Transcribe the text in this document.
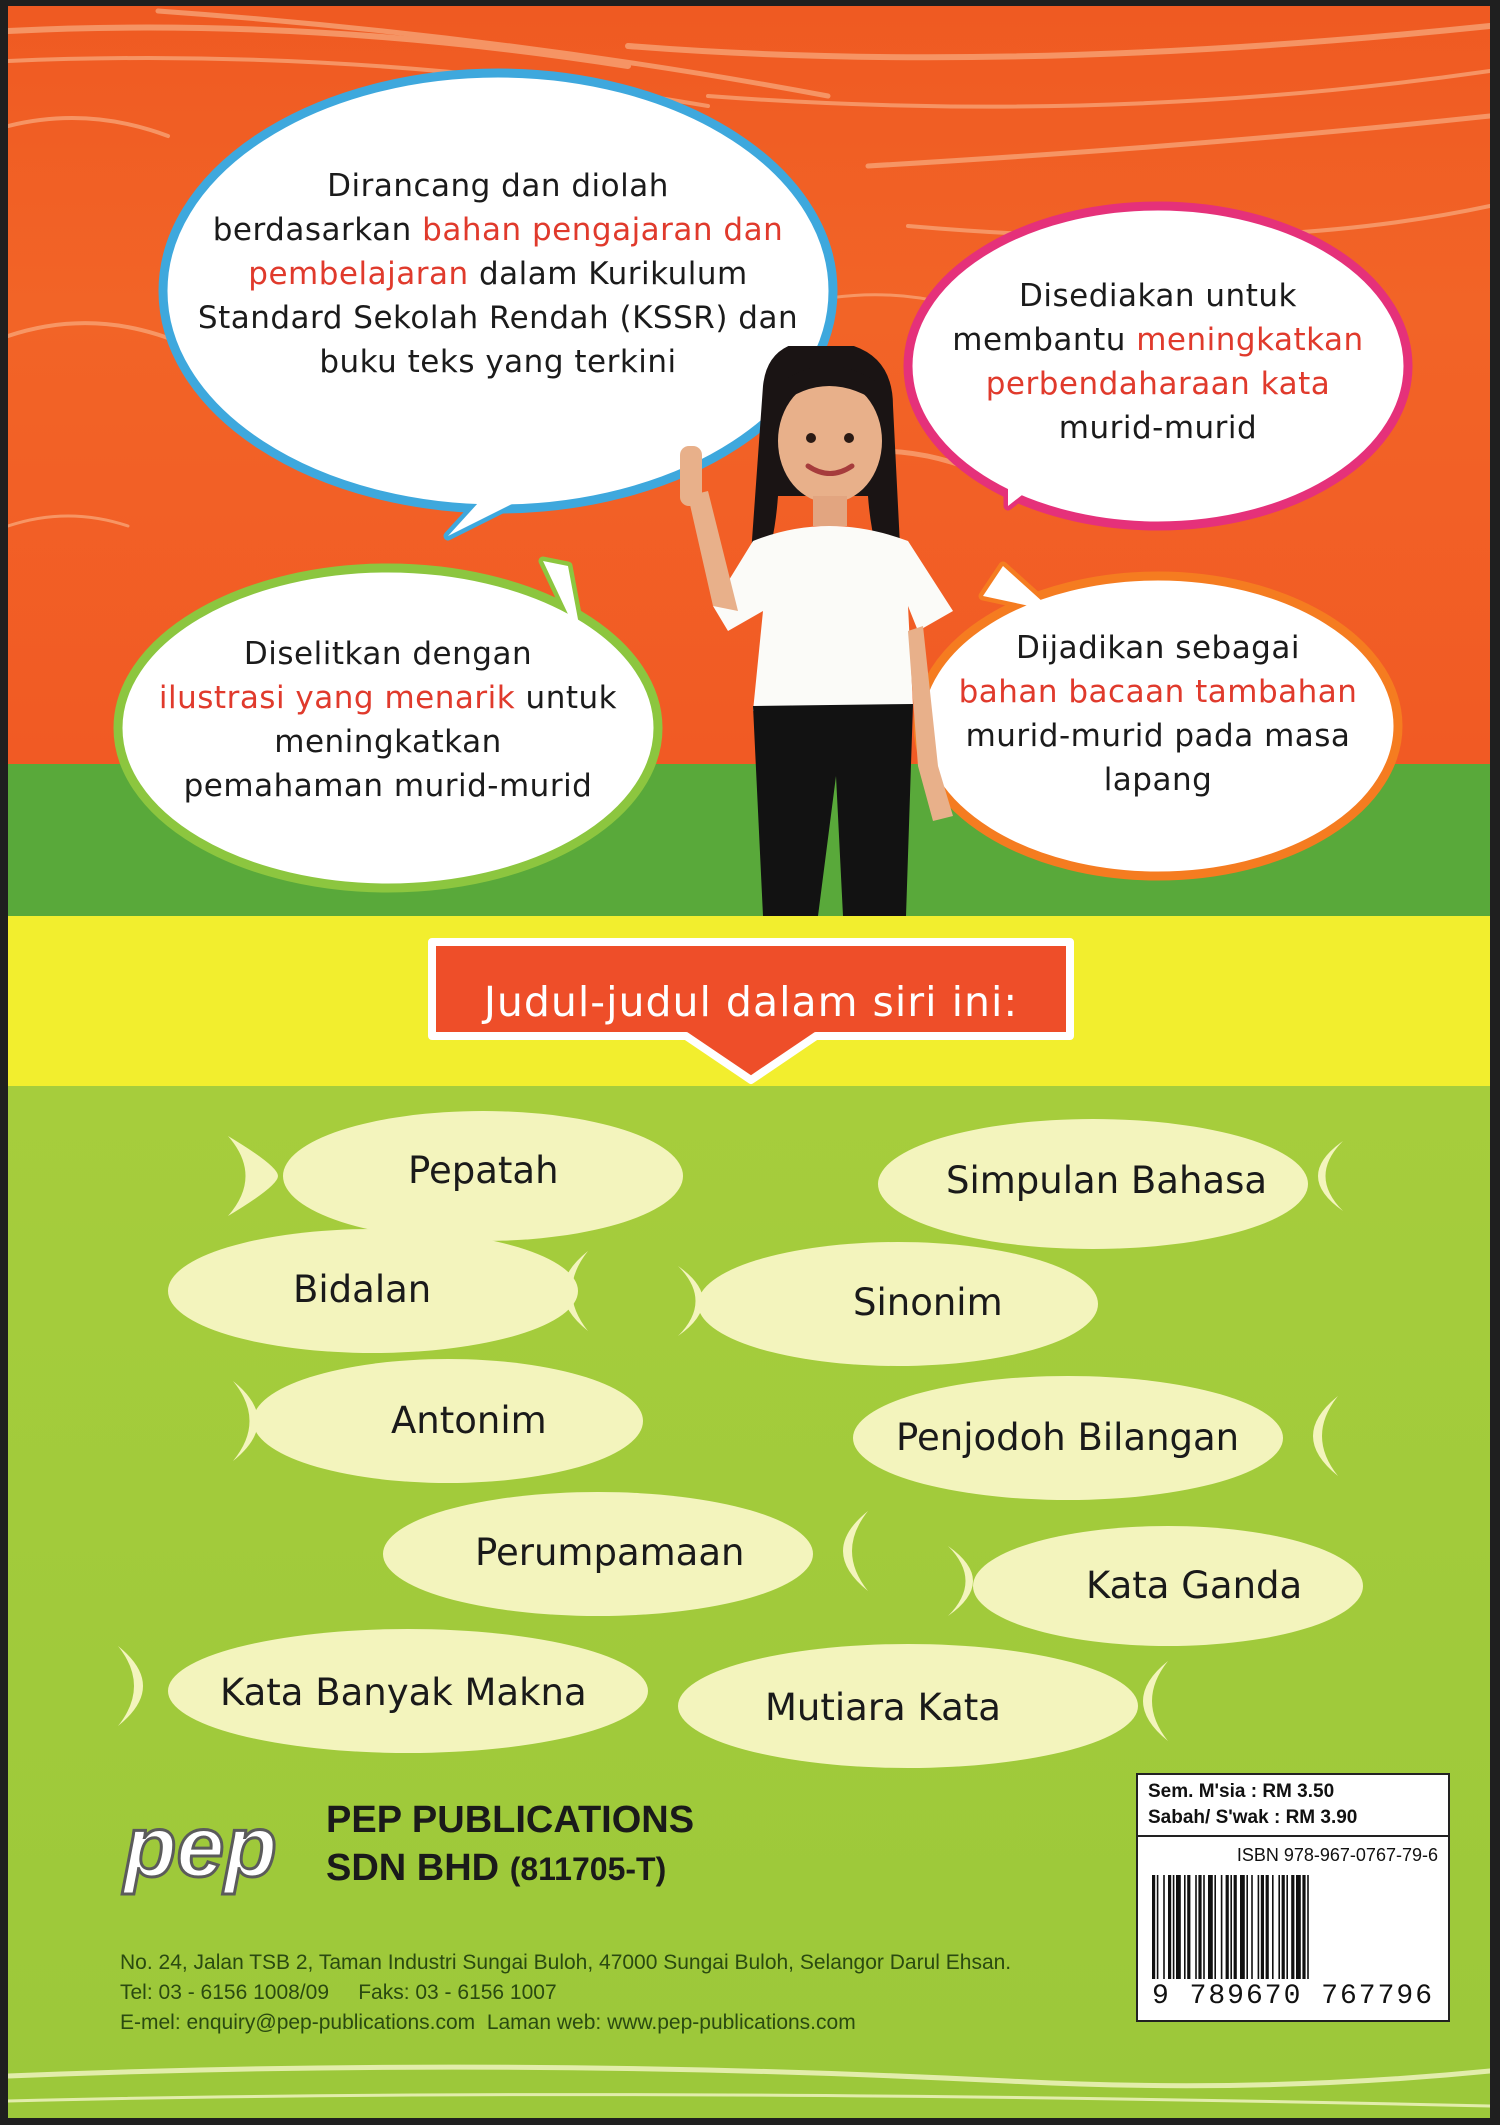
Dirancang dan diolah
berdasarkan bahan pengajaran dan
pembelajaran dalam Kurikulum
Standard Sekolah Rendah (KSSR) dan
buku teks yang terkini
Disediakan untuk
membantu meningkatkan
perbendaharaan kata
murid-murid
Diselitkan dengan
ilustrasi yang menarik untuk
meningkatkan
pemahaman murid-murid
Dijadikan sebagai
bahan bacaan tambahan
murid-murid pada masa
lapang
Judul-judul dalam siri ini:
Pepatah	Simpulan Bahasa
Bidalan	Sinonim
Antonim	Penjodoh Bilangan
Perumpamaan
Kata Ganda
Kata Banyak Makna	Mutiara Kata
pep PEP PUBLICATIONS
SDN BHD (811705-T)
No. 24, Jalan TSB 2, Taman Industri Sungai Buloh, 47000 Sungai Buloh, Selangor Darul Ehsan.
Tel: 03 - 6156 1008/09 Faks: 03 - 6156 1007
E-mel: enquiry@pep-publications.com Laman web: www.pep-publications.com
Sem. M'sia : RM 3.50
Sabah/ S'wak : RM 3.90
ISBN 978-967-0767-79-6
9 789670 767796
